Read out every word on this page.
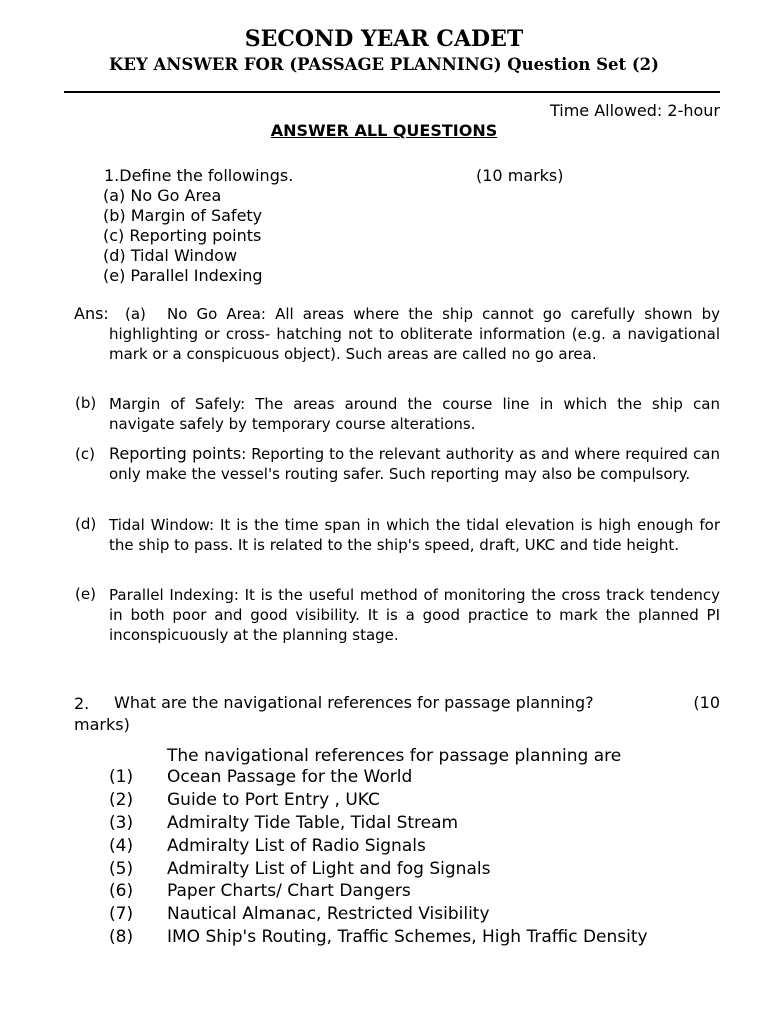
SECOND YEAR CADET
KEY ANSWER FOR (PASSAGE PLANNING) Question Set (2)
Time Allowed: 2-hour
ANSWER ALL QUESTIONS
1.Define the followings.	(10 marks)
(a) No Go Area
(b) Margin of Safety
(c) Reporting points
(d) Tidal Window
(e) Parallel Indexing
Ans: (a)	No Go Area: All areas where the ship cannot go carefully shown by highlighting or cross- hatching not to obliterate information (e.g. a navigational mark or a conspicuous object). Such areas are called no go area.
(b) Margin of Safely: The areas around the course line in which the ship can navigate safely by temporary course alterations.
(c) Reporting points: Reporting to the relevant authority as and where required can only make the vessel's routing safer. Such reporting may also be compulsory.
(d) Tidal Window: It is the time span in which the tidal elevation is high enough for the ship to pass. It is related to the ship's speed, draft, UKC and tide height.
(e) Parallel Indexing: It is the useful method of monitoring the cross track tendency in both poor and good visibility. It is a good practice to mark the planned PI inconspicuously at the planning stage.
2. What are the navigational references for passage planning?	(10
marks)
The navigational references for passage planning are
(1) Ocean Passage for the World
(2) Guide to Port Entry , UKC
(3) Admiralty Tide Table, Tidal Stream
(4) Admiralty List of Radio Signals
(5) Admiralty List of Light and fog Signals
(6) Paper Charts/ Chart Dangers
(7) Nautical Almanac, Restricted Visibility
(8) IMO Ship's Routing, Traffic Schemes, High Traffic Density
